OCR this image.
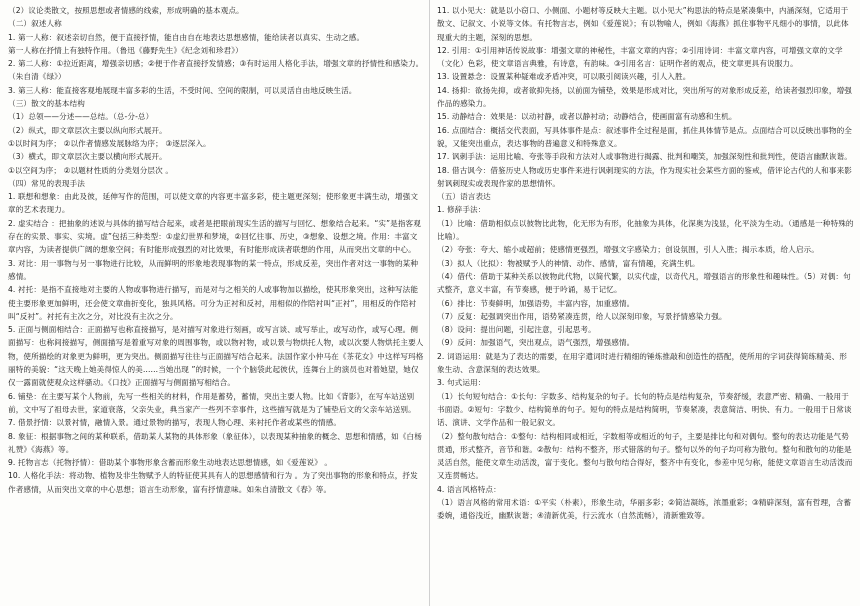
（2）议论类散文，按照思想或者情感的线索，形成明确的基本观点。

（二）叙述人称

1. 第一人称：叙述亲切自然，便于直接抒情，能自由自在地表达思想感情，能给读者以真实、生动之感。

第一人称在抒情上有独特作用。（鲁迅《藤野先生》《纪念刘和珍君》）

2. 第二人称：①拉近距离，增强亲切感；②便于作者直接抒发情感；③有时运用人格化手法，增强文章的抒情性和感染力。（朱自清《绿》）

3. 第三人称：能直接客观地展现丰富多彩的生活，不受时间、空间的限制，可以灵活自由地反映生活。

（三）散文的基本结构

（1）总领——分述——总结。（总-分-总）

（2）纵式，即文章层次主要以纵向形式展开。

①以时间为序； ②以作者情感发展脉络为序； ③逐层深入。

（3）横式，即文章层次主要以横向形式展开。

①以空间为序； ②以题材性质的分类划分层次 。

（四）常见的表现手法

1. 联想和想象：由此及彼，延伸写作的范围，可以使文章的内容更丰富多彩，使主题更深刻；使形象更丰满生动，增强文章的艺术表现力。

2. 虚实结合 ：把抽象的述说与具体的描写结合起来，或者是把眼前现实生活的描写与回忆、想象结合起来。“实”是指客观存在的实景、事实、实境。虚”包括三种类型：①虚幻世界和梦境，②回忆往事、历史，③想象、设想之境。作用：丰富文章内容，为读者提供广阔的想象空间；有时能形成强烈的对比效果，有时能形成读者联想的作用，从而突出文章的中心。

3. 对比：用一事物与另一事物进行比较，从而鲜明的形象地表现事物的某一特点，形成反差，突出作者对这一事物的某种感情。

4. 衬托：是指不直接地对主要的人物或事物进行描写，而是对与之相关的人或事物加以描绘，使其形象突出，这种写法能使主要形象更加鲜明，还会使文章曲折变化，独具风格。可分为正衬和反衬，用相似的作陪衬叫“正衬”，用相反的作陪衬叫“反衬”。衬托有主次之分，对比没有主次之分。

5. 正面与侧面相结合：正面描写也称直接描写，是对描写对象进行刻画，或写言谈、或写举止，或写动作，或写心理。侧面描写：也称间接描写，侧面描写是着重写对象的周围事物，或以物衬物，或以景与物烘托人物，或以次要人物烘托主要人物，使所描绘的对象更为鲜明，更为突出。侧面描写往往与正面描写结合起来。法国作家小仲马在《茶花女》中这样写玛格丽特的美貌：“这天晚上她美得惊人的美……当她出现 ”的时候，一个个脑袋此起彼伏，连舞台上的演员也对着她望，她仅仅一露面就使观众这样骚动。《口技》正面描写与侧面描写相结合。

6. 铺垫：在主要写某个人物前，先写一些相关的材料，作用是蓄势，蓄情，突出主要人物。比如《背影》，在写车站送别前，文中写了祖母去世，家道衰落，父亲失业，典当家产一些列不幸事件，这些描写就是为了铺垫后文的父亲车站送别。

7. 借景抒情：以景衬情，融情入景。通过景物的描写，表现人物心理、来衬托作者或某些的情感。

8. 象征：根据事物之间的某种联系，借助某人某物的具体形象（象征体），以表现某种抽象的概念、思想和情感，如《白杨礼赞》《海燕》等。

9. 托物言志（托物抒情）：借助某个事物形象含蓄而形象生动地表达思想情感，如《爱莲说》 。

10. 人格化手法：将动物、植物及非生物赋予人的特征使其具有人的思想感情和行为 。为了突出事物的形象和特点，抒发作者感情，从而突出文章的中心思想；语言生动形象，富有抒情意味。如朱自清散文《春》等。

11. 以小见大：就是以小窃口、小侧面、小题材等反映大主题。以小见大”构思法的特点是紧凑集中，内涵深刻，它适用于散文、记叙文、小说等文体。有托物言志，例如《爱莲说》；有以物喻人，例如《海燕》抓住事物平凡细小的事情，以此体现重大的主题，深刻的思想。

12. 引用：①引用神话传说故事：增强文章的神秘性，丰富文章的内容；②引用诗词：丰富文章内容，可增强文章的文学（文化）色彩，使文章语言典雅，有诗意，有韵味。③引用名言：证明作者的观点，使文章更具有说服力。

13. 设置悬念：设置某种疑难或矛盾冲突，可以吸引阅读兴趣，引人入胜。

14. 扬抑：欲扬先抑，或者欲抑先扬，以前面为铺垫，效果是形成对比，突出所写的对象形成反差，给读者强烈印象，增强作品的感染力。

15. 动静结合：效果是：以动衬静，或者以静衬动；动静结合，使画面富有动感和生机。

16. 点面结合：概括交代表面，写具体事件是点：叙述事件全过程是面，抓住具体情节是点。点面结合可以反映出事物的全貌，又能突出重点，表达事物的普遍意义和特殊意义。

17. 讽刺手法：运用比喻、夸张等手段和方法对人或事物进行揭露、批判和嘲笑，加强深刻性和批判性，使语言幽默诙谐。18. 借古讽今：借鉴历史人物或历史事件来进行讽刺现实的方法，作为现实社会某些方面的鉴戒，借评论古代的人和事来影射讽刺现实或表现作家的思想情怀。

（五）语言表达

1. 修辞手法：

（1）比喻：借助相似点以彼物比此物，化无形为有形，化抽象为具体，化深奥为浅显，化平淡为生动。（通感是一种特殊的比喻）。

（2）夸张：夸大、缩小或超前；使感情更强烈，增强文字感染力；创设氛围，引人入胜；揭示本质，给人启示。

（3）拟人（比拟）：物被赋予人的神情、动作、感情，富有情趣，充满生机。

（4）借代：借助于某种关系以彼物此代物，以简代繁，以实代虚，以奇代凡，增强语言的形象性和趣味性。（5）对偶：句式整齐，意义丰富，有节奏感，便于吟诵，易于记忆。

（6）排比：节奏鲜明，加强语势，丰富内容，加重感情。

（7）反复：起强调突出作用，语势紧凑连贯，给人以深刻印象，写景抒情感染力强。

（8）设问：提出问题，引起注意，引起思考。

（9）反问：加强语气，突出观点，语气强烈，增强感情。

2. 词语运用：就是为了表达的需要，在用字遣词时进行精细的锤炼推敲和创造性的搭配，使所用的字词获得简练精美、形象生动、含意深刻的表达效果。

3. 句式运用：

（1）长句短句结合：①长句：字数多、结构复杂的句子。长句的特点是结构复杂，节奏舒缓，表意严密、精确、一般用于书面语。②短句：字数少、结构简单的句子。短句的特点是结构简明，节奏紧凑，表意简洁、明快、有力。一般用于日常谈话、演讲、文学作品和一般记叙文。

（2）整句散句结合：①整句：结构相同或相近，字数相等或相近的句子，主要是排比句和对偶句。整句的表达功能是气势贯通，形式整齐，音节和谐。②散句：结构不整齐，形式错落的句子。整句以外的句子均可称为散句。整句和散句的功能是灵活自然，能使文章生动活泼，富于变化。整句与散句结合得好，整齐中有变化，参差中见匀称，能使文章语言生动活泼而又连贯畅达。

4. 语言风格特点：

（1）语言风格的常用术语：①平实（朴素），形象生动，华丽多彩；②简洁凝练，浓墨重彩；③精辟深刻，富有哲理，含蓄委婉，通俗浅近，幽默诙谐；④清新优美，行云流水（自然流畅），清新雅致等。
